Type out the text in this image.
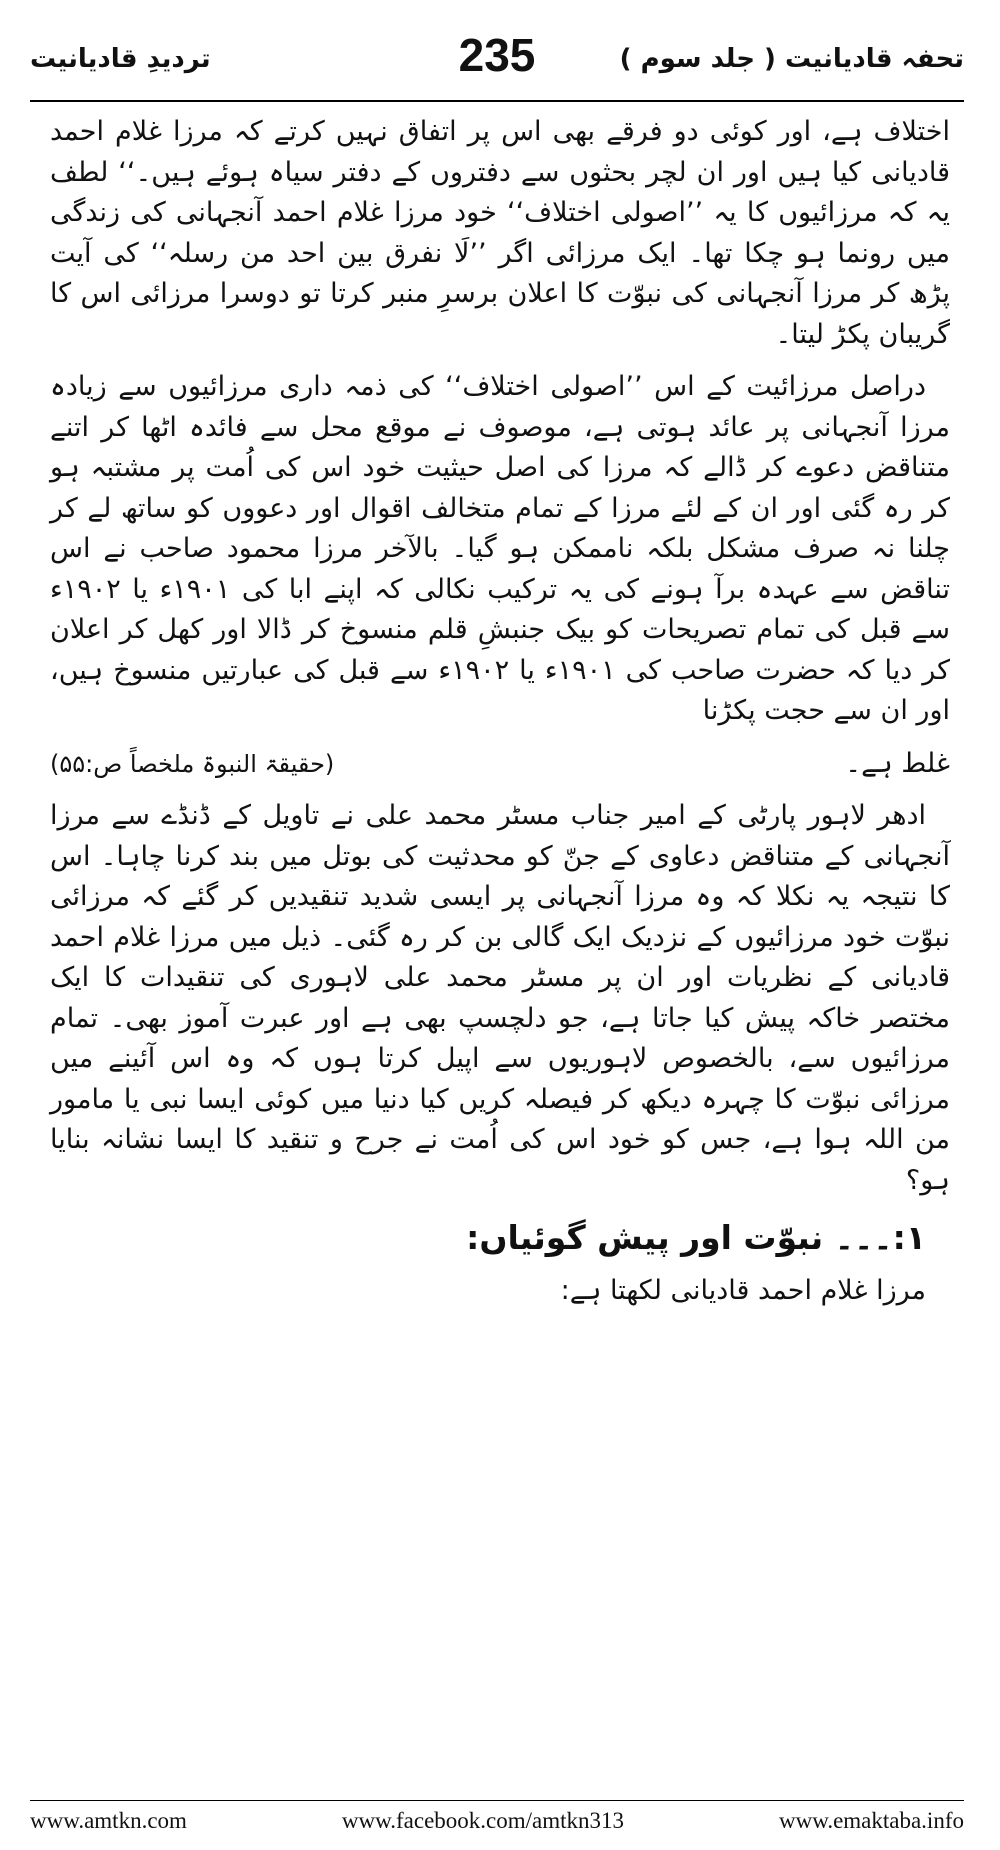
تحفہ قادیانیت ( جلد سوم )
235
تردیدِ قادیانیت

اختلاف ہے، اور کوئی دو فرقے بھی اس پر اتفاق نہیں کرتے کہ مرزا غلام احمد قادیانی کیا ہیں اور ان لچر بحثوں سے دفتروں کے دفتر سیاہ ہوئے ہیں۔‘‘ لطف یہ کہ مرزائیوں کا یہ ’’اصولی اختلاف‘‘ خود مرزا غلام احمد آنجہانی کی زندگی میں رونما ہو چکا تھا۔ ایک مرزائی اگر ’’لَا نفرق بین احد من رسلہ‘‘ کی آیت پڑھ کر مرزا آنجہانی کی نبوّت کا اعلان برسرِ منبر کرتا تو دوسرا مرزائی اس کا گریبان پکڑ لیتا۔

دراصل مرزائیت کے اس ’’اصولی اختلاف‘‘ کی ذمہ داری مرزائیوں سے زیادہ مرزا آنجہانی پر عائد ہوتی ہے، موصوف نے موقع محل سے فائدہ اٹھا کر اتنے متناقض دعوے کر ڈالے کہ مرزا کی اصل حیثیت خود اس کی اُمت پر مشتبہ ہو کر رہ گئی اور ان کے لئے مرزا کے تمام متخالف اقوال اور دعووں کو ساتھ لے کر چلنا نہ صرف مشکل بلکہ ناممکن ہو گیا۔ بالآخر مرزا محمود صاحب نے اس تناقض سے عہدہ برآ ہونے کی یہ ترکیب نکالی کہ اپنے ابا کی ۱۹۰۱ء یا ۱۹۰۲ء سے قبل کی تمام تصریحات کو بیک جنبشِ قلم منسوخ کر ڈالا اور کھل کر اعلان کر دیا کہ حضرت صاحب کی ۱۹۰۱ء یا ۱۹۰۲ء سے قبل کی عبارتیں منسوخ ہیں، اور ان سے حجت پکڑنا

غلط ہے۔
(حقیقۃ النبوۃ ملخصاً ص:۵۵)

ادھر لاہور پارٹی کے امیر جناب مسٹر محمد علی نے تاویل کے ڈنڈے سے مرزا آنجہانی کے متناقض دعاوی کے جنّ کو محدثیت کی بوتل میں بند کرنا چاہا۔ اس کا نتیجہ یہ نکلا کہ وہ مرزا آنجہانی پر ایسی شدید تنقیدیں کر گئے کہ مرزائی نبوّت خود مرزائیوں کے نزدیک ایک گالی بن کر رہ گئی۔ ذیل میں مرزا غلام احمد قادیانی کے نظریات اور ان پر مسٹر محمد علی لاہوری کی تنقیدات کا ایک مختصر خاکہ پیش کیا جاتا ہے، جو دلچسپ بھی ہے اور عبرت آموز بھی۔ تمام مرزائیوں سے، بالخصوص لاہوریوں سے اپیل کرتا ہوں کہ وہ اس آئینے میں مرزائی نبوّت کا چہرہ دیکھ کر فیصلہ کریں کیا دنیا میں کوئی ایسا نبی یا مامور من اللہ ہوا ہے، جس کو خود اس کی اُمت نے جرح و تنقید کا ایسا نشانہ بنایا ہو؟

۱:۔۔۔ نبوّت اور پیش گوئیاں:
مرزا غلام احمد قادیانی لکھتا ہے:
www.amtkn.com	www.facebook.com/amtkn313	www.emaktaba.info
